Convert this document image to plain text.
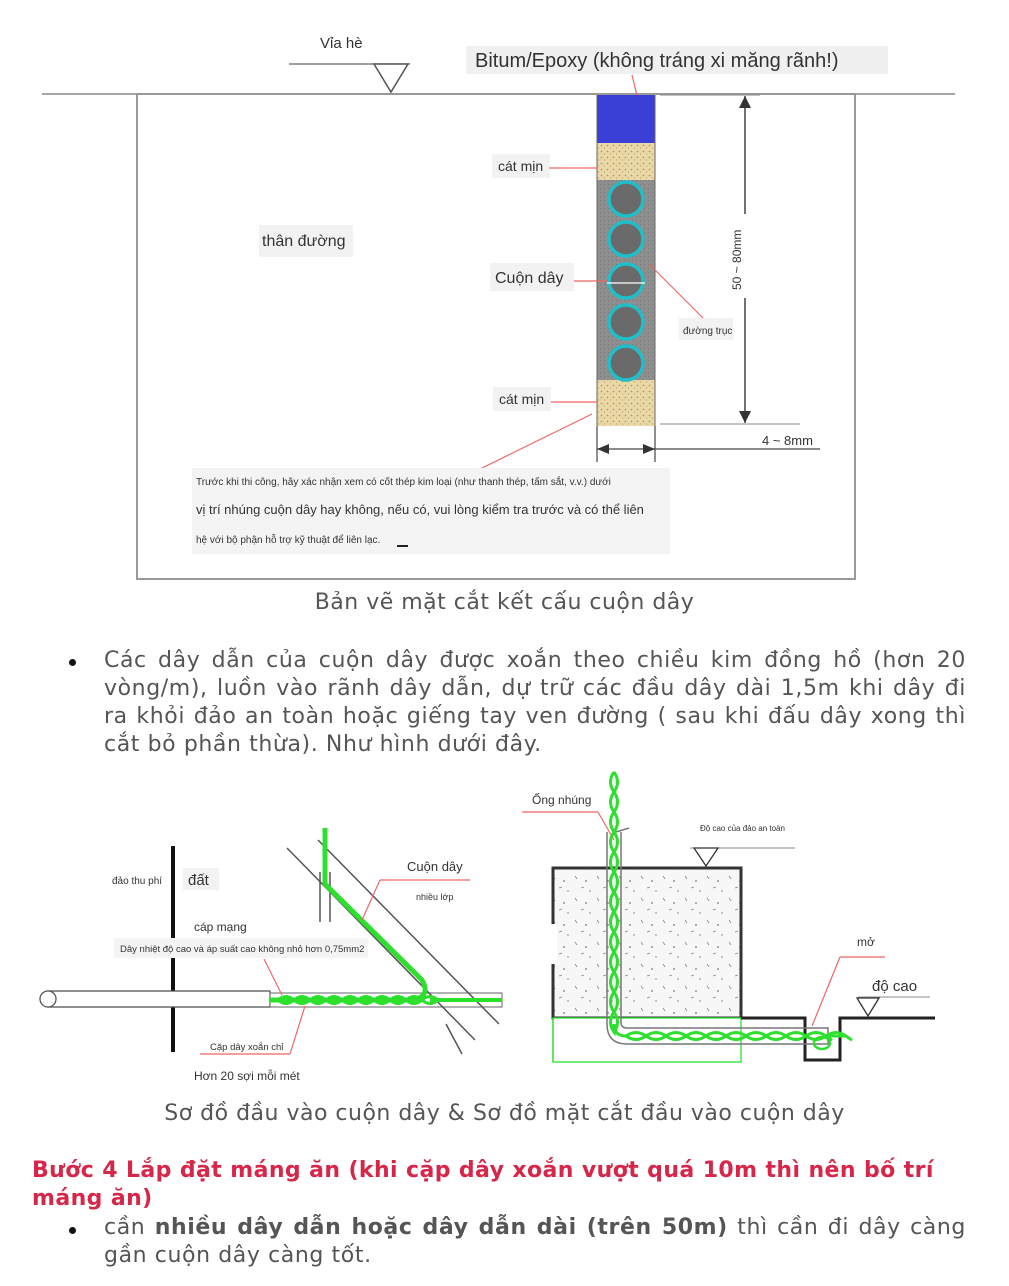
Vỉa hè
Bitum/Epoxy (không tráng xi măng rãnh!)
cát mịn
thân đường
Cuộn dây
đường trục
50 ~ 80mm
cát mịn
4 ~ 8mm
Trước khi thi công, hãy xác nhận xem có cốt thép kim loại (như thanh thép, tấm sắt, v.v.) dưới
vị trí nhúng cuộn dây hay không, nếu có, vui lòng kiểm tra trước và có thể liên
hệ với bộ phận hỗ trợ kỹ thuật để liên lạc.
Bản vẽ mặt cắt kết cấu cuộn dây
Các dây dẫn của cuộn dây được xoắn theo chiều kim đồng hồ (hơn 20 vòng/m), luồn vào rãnh dây dẫn, dự trữ các đầu dây dài 1,5m khi dây đi ra khỏi đảo an toàn hoặc giếng tay ven đường ( sau khi đấu dây xong thì cắt bỏ phần thừa). Như hình dưới đây.
đảo thu phí đất
Cuộn dây
nhiều lớp
cáp mạng
Dây nhiệt độ cao và áp suất cao không nhỏ hơn 0,75mm2
Cặp dây xoắn chỉ
Hơn 20 sợi mỗi mét
Ống nhúng
Độ cao của đảo an toàn
mở
độ cao
Sơ đồ đầu vào cuộn dây & Sơ đồ mặt cắt đầu vào cuộn dây
Bước 4 Lắp đặt máng ăn (khi cặp dây xoắn vượt quá 10m thì nên bố trí máng ăn)
cần nhiều dây dẫn hoặc dây dẫn dài (trên 50m) thì cần đi dây càng gần cuộn dây càng tốt.
